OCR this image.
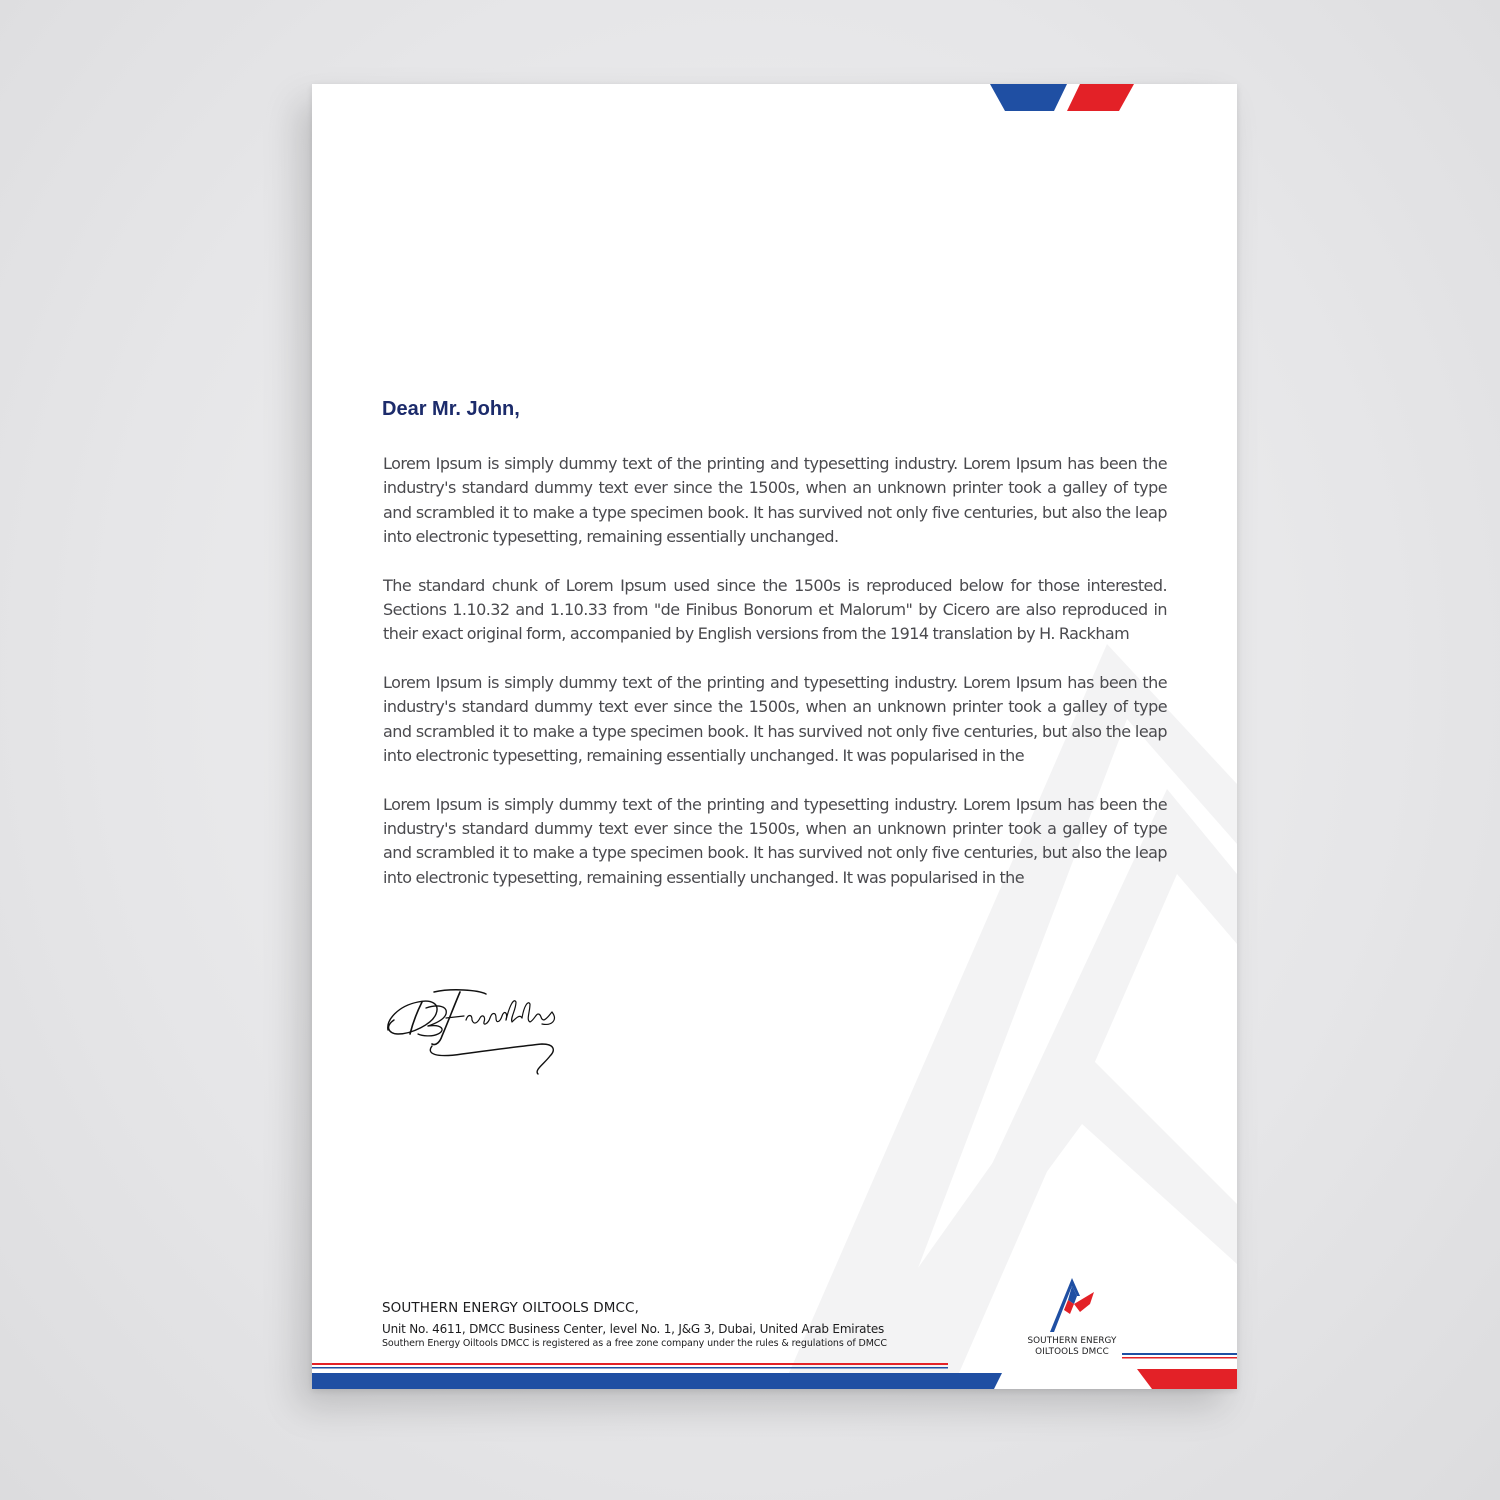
Dear Mr. John,

Lorem Ipsum is simply dummy text of the printing and typesetting industry. Lorem Ipsum has been the industry's standard dummy text ever since the 1500s, when an unknown printer took a galley of type and scrambled it to make a type specimen book. It has survived not only five centuries, but also the leap into electronic typesetting, remaining essentially unchanged.

The standard chunk of Lorem Ipsum used since the 1500s is reproduced below for those interested. Sections 1.10.32 and 1.10.33 from "de Finibus Bonorum et Malorum" by Cicero are also reproduced in their exact original form, accompanied by English versions from the 1914 translation by H. Rackham

Lorem Ipsum is simply dummy text of the printing and typesetting industry. Lorem Ipsum has been the industry's standard dummy text ever since the 1500s, when an unknown printer took a galley of type and scrambled it to make a type specimen book. It has survived not only five centuries, but also the leap into electronic typesetting, remaining essentially unchanged. It was popularised in the

Lorem Ipsum is simply dummy text of the printing and typesetting industry. Lorem Ipsum has been the industry's standard dummy text ever since the 1500s, when an unknown printer took a galley of type and scrambled it to make a type specimen book. It has survived not only five centuries, but also the leap into electronic typesetting, remaining essentially unchanged. It was popularised in the

SOUTHERN ENERGY OILTOOLS DMCC,
Unit No. 4611, DMCC Business Center, level No. 1, J&G 3, Dubai, United Arab Emirates
Southern Energy Oiltools DMCC is registered as a free zone company under the rules & regulations of DMCC	SOUTHERN ENERGY
OILTOOLS DMCC
